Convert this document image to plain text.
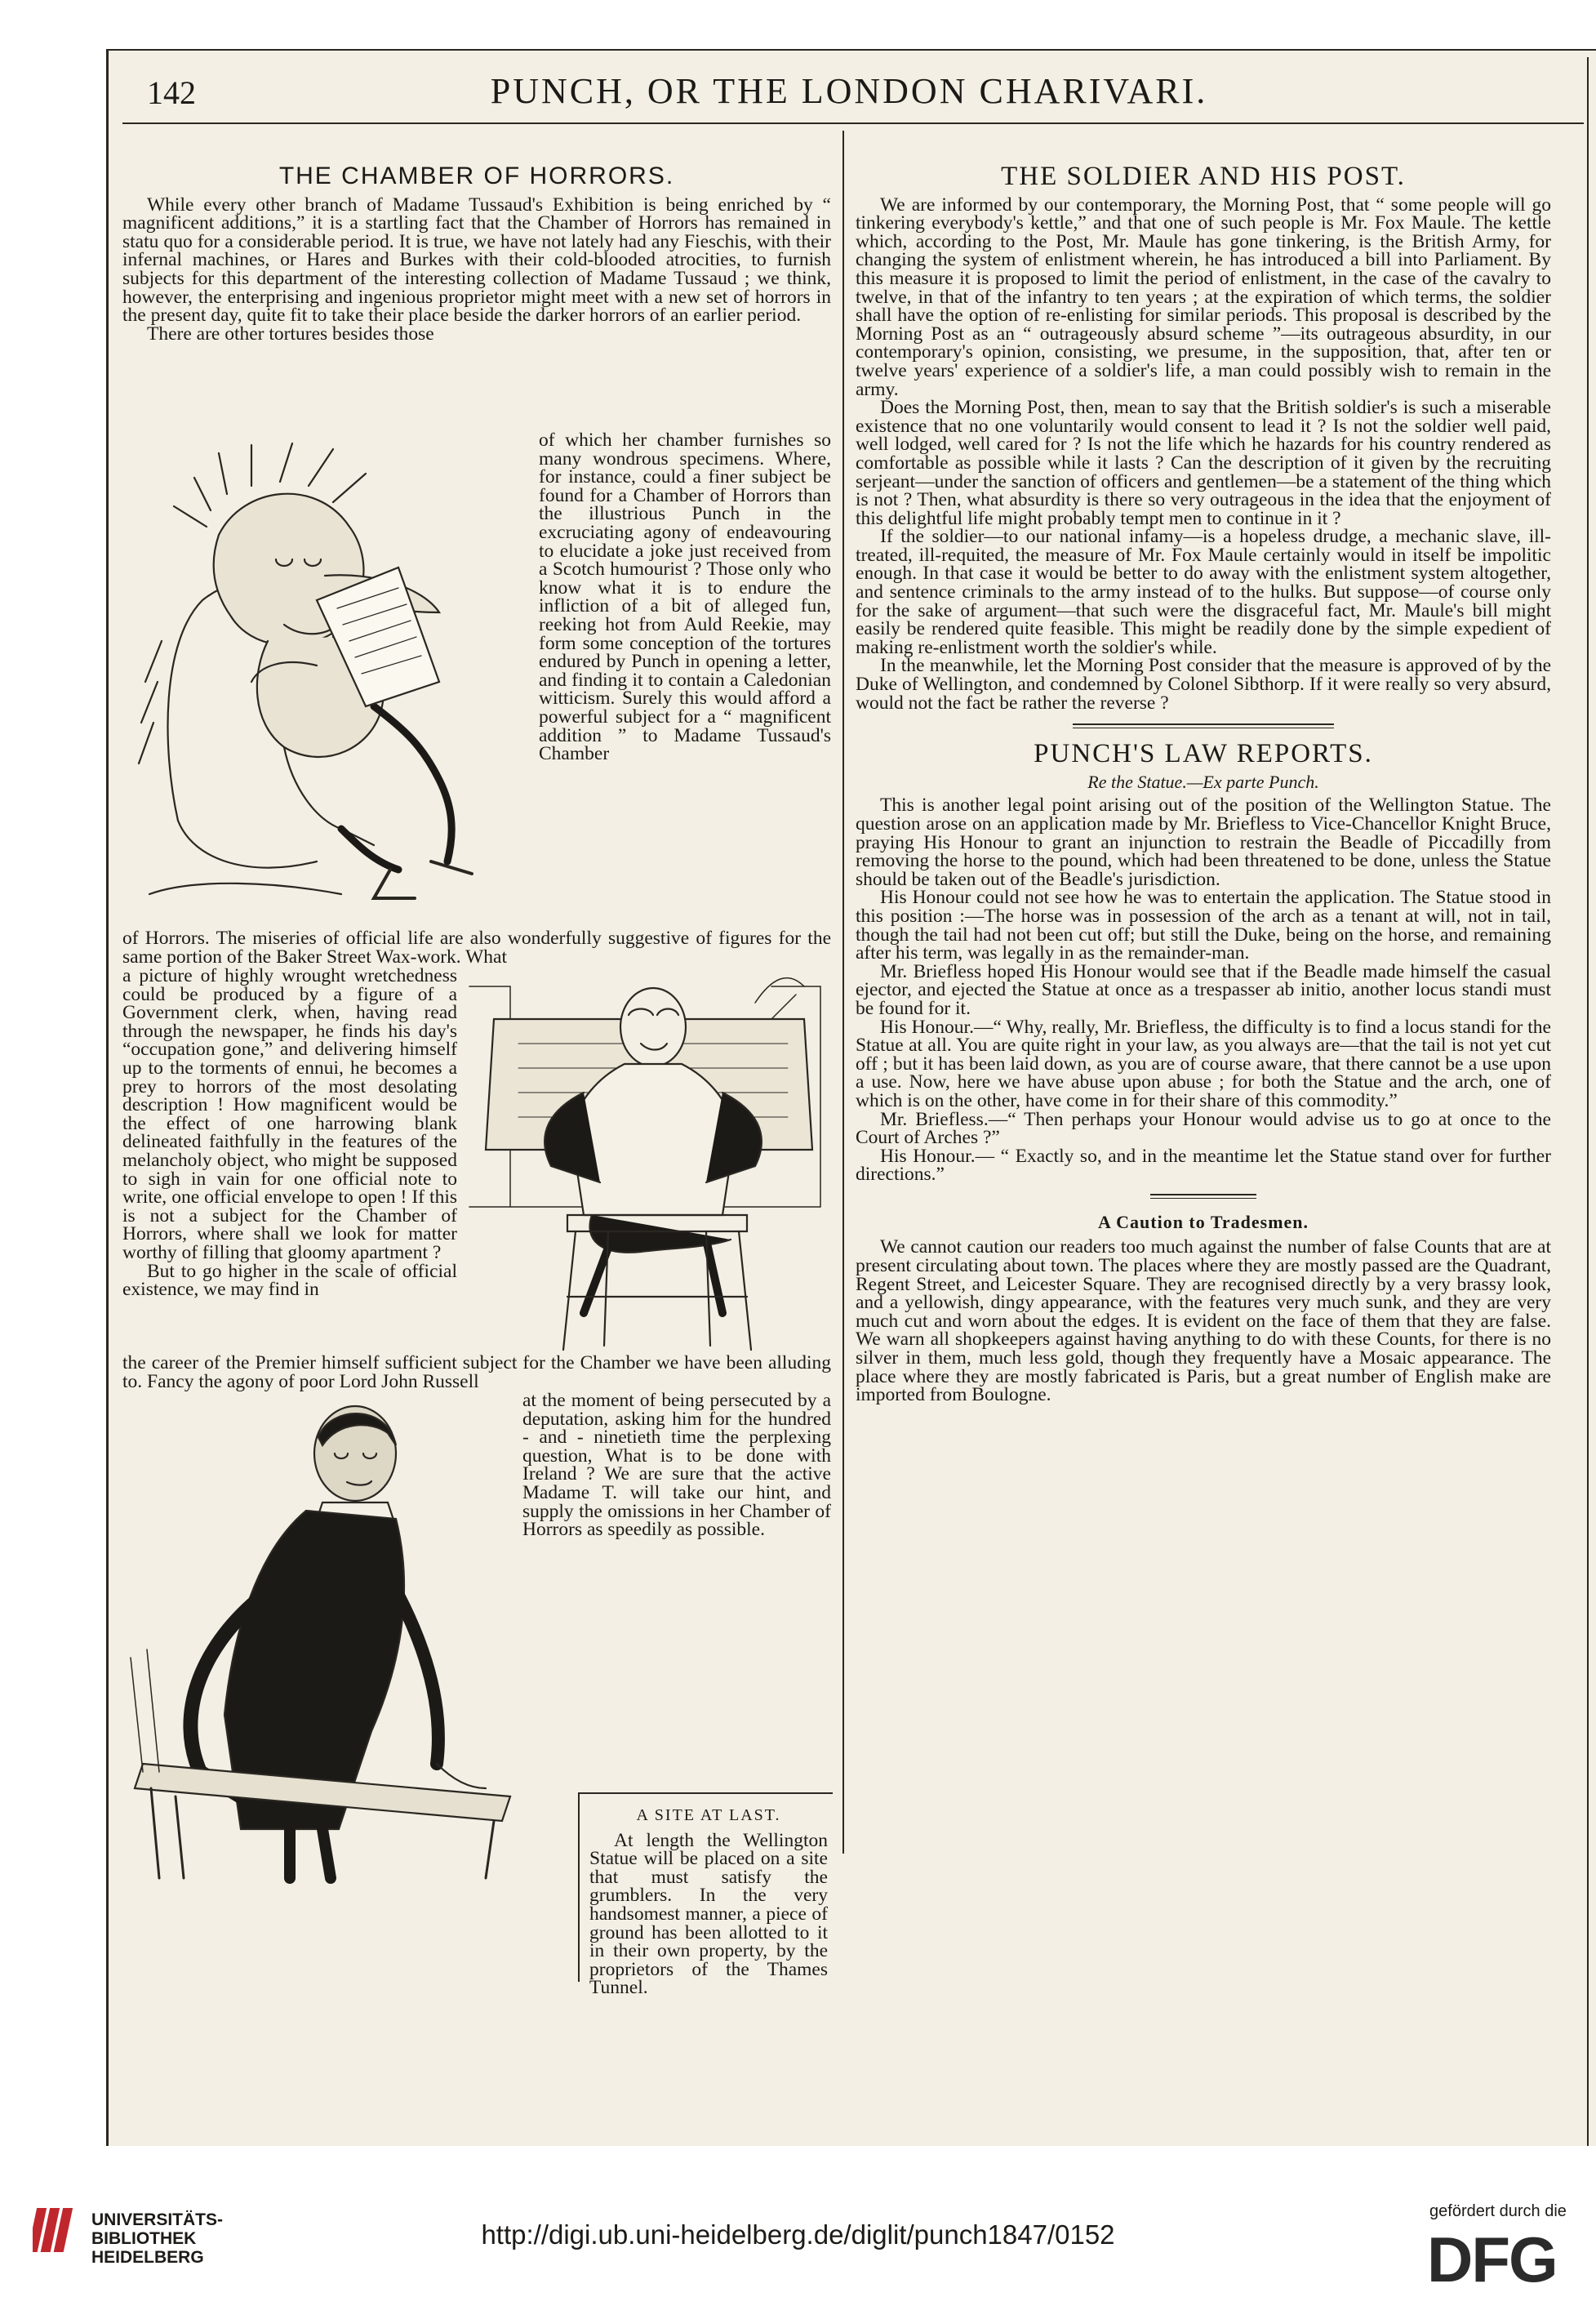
142	PUNCH, OR THE LONDON CHARIVARI.
THE CHAMBER OF HORRORS.

While every other branch of Madame Tussaud's Exhibition is being enriched by “ magnificent additions,” it is a startling fact that the Chamber of Horrors has remained in statu quo for a considerable period. It is true, we have not lately had any Fieschis, with their infernal machines, or Hares and Burkes with their cold-blooded atrocities, to furnish subjects for this department of the interesting collection of Madame Tussaud ; we think, however, the enterprising and ingenious proprietor might meet with a new set of horrors in the present day, quite fit to take their place beside the darker horrors of an earlier period.

There are other tortures besides those

of which her chamber furnishes so many wondrous specimens. Where, for instance, could a finer subject be found for a Chamber of Horrors than the illustrious Punch in the excruciating agony of endeavouring to elucidate a joke just received from a Scotch humourist ? Those only who know what it is to endure the infliction of a bit of alleged fun, reeking hot from Auld Reekie, may form some conception of the tortures endured by Punch in opening a letter, and finding it to contain a Caledonian witticism. Surely this would afford a powerful subject for a “ magnificent addition ” to Madame Tussaud's Chamber

of Horrors. The miseries of official life are also wonderfully suggestive of figures for the same portion of the Baker Street Wax-work. What

a picture of highly wrought wretchedness could be produced by a figure of a Government clerk, when, having read through the newspaper, he finds his day's “occupation gone,” and delivering himself up to the torments of ennui, he becomes a prey to horrors of the most desolating description ! How magnificent would be the effect of one harrowing blank delineated faithfully in the features of the melancholy object, who might be supposed to sigh in vain for one official note to write, one official envelope to open ! If this is not a subject for the Chamber of Horrors, where shall we look for matter worthy of filling that gloomy apartment ?

But to go higher in the scale of official existence, we may find in

the career of the Premier himself sufficient subject for the Chamber we have been alluding to. Fancy the agony of poor Lord John Russell

at the moment of being persecuted by a deputation, asking him for the hundred - and - ninetieth time the perplexing question, What is to be done with Ireland ? We are sure that the active Madame T. will take our hint, and supply the omissions in her Chamber of Horrors as speedily as possible.

A SITE AT LAST.

At length the Wellington Statue will be placed on a site that must satisfy the grumblers. In the very handsomest manner, a piece of ground has been allotted to it in their own property, by the proprietors of the Thames Tunnel.

THE SOLDIER AND HIS POST.

We are informed by our contemporary, the Morning Post, that “ some people will go tinkering everybody's kettle,” and that one of such people is Mr. Fox Maule. The kettle which, according to the Post, Mr. Maule has gone tinkering, is the British Army, for changing the system of enlistment wherein, he has introduced a bill into Parliament. By this measure it is proposed to limit the period of enlistment, in the case of the cavalry to twelve, in that of the infantry to ten years ; at the expiration of which terms, the soldier shall have the option of re-enlisting for similar periods. This proposal is described by the Morning Post as an “ outrageously absurd scheme ”—its outrageous absurdity, in our contemporary's opinion, consisting, we presume, in the supposition, that, after ten or twelve years' experience of a soldier's life, a man could possibly wish to remain in the army.

Does the Morning Post, then, mean to say that the British soldier's is such a miserable existence that no one voluntarily would consent to lead it ? Is not the soldier well paid, well lodged, well cared for ? Is not the life which he hazards for his country rendered as comfortable as possible while it lasts ? Can the description of it given by the recruiting serjeant—under the sanction of officers and gentlemen—be a statement of the thing which is not ? Then, what absurdity is there so very outrageous in the idea that the enjoyment of this delightful life might probably tempt men to continue in it ?

If the soldier—to our national infamy—is a hopeless drudge, a mechanic slave, ill-treated, ill-requited, the measure of Mr. Fox Maule certainly would in itself be impolitic enough. In that case it would be better to do away with the enlistment system altogether, and sentence criminals to the army instead of to the hulks. But suppose—of course only for the sake of argument—that such were the disgraceful fact, Mr. Maule's bill might easily be rendered quite feasible. This might be readily done by the simple expedient of making re-enlistment worth the soldier's while.

In the meanwhile, let the Morning Post consider that the measure is approved of by the Duke of Wellington, and condemned by Colonel Sibthorp. If it were really so very absurd, would not the fact be rather the reverse ?

PUNCH'S LAW REPORTS.
Re the Statue.—Ex parte Punch.

This is another legal point arising out of the position of the Wellington Statue. The question arose on an application made by Mr. Briefless to Vice-Chancellor Knight Bruce, praying His Honour to grant an injunction to restrain the Beadle of Piccadilly from removing the horse to the pound, which had been threatened to be done, unless the Statue should be taken out of the Beadle's jurisdiction.

His Honour could not see how he was to entertain the application. The Statue stood in this position :—The horse was in possession of the arch as a tenant at will, not in tail, though the tail had not been cut off; but still the Duke, being on the horse, and remaining after his term, was legally in as the remainder-man.

Mr. Briefless hoped His Honour would see that if the Beadle made himself the casual ejector, and ejected the Statue at once as a trespasser ab initio, another locus standi must be found for it.

His Honour.—“ Why, really, Mr. Briefless, the difficulty is to find a locus standi for the Statue at all. You are quite right in your law, as you always are—that the tail is not yet cut off ; but it has been laid down, as you are of course aware, that there cannot be a use upon a use. Now, here we have abuse upon abuse ; for both the Statue and the arch, one of which is on the other, have come in for their share of this commodity.”

Mr. Briefless.—“ Then perhaps your Honour would advise us to go at once to the Court of Arches ?”

His Honour.— “ Exactly so, and in the meantime let the Statue stand over for further directions.”

A Caution to Tradesmen.

We cannot caution our readers too much against the number of false Counts that are at present circulating about town. The places where they are mostly passed are the Quadrant, Regent Street, and Leicester Square. They are recognised directly by a very brassy look, and a yellowish, dingy appearance, with the features very much sunk, and they are very much cut and worn about the edges. It is evident on the face of them that they are false. We warn all shopkeepers against having anything to do with these Counts, for there is no silver in them, much less gold, though they frequently have a Mosaic appearance. The place where they are mostly fabricated is Paris, but a great number of English make are imported from Boulogne.

UNIVERSITÄTS-
BIBLIOTHEK
HEIDELBERG
http://digi.ub.uni-heidelberg.de/diglit/punch1847/0152
gefördert durch die
DFG
